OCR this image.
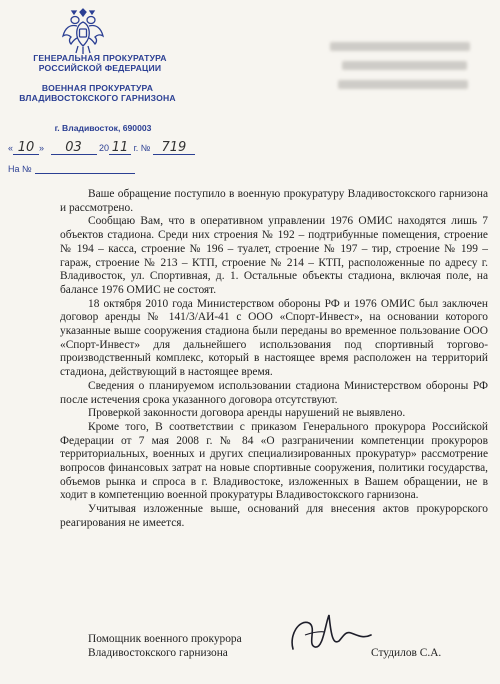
ГЕНЕРАЛЬНАЯ ПРОКУРАТУРА
РОССИЙСКОЙ ФЕДЕРАЦИИ
ВОЕННАЯ ПРОКУРАТУРА
ВЛАДИВОСТОКСКОГО ГАРНИЗОНА
г. Владивосток, 690003
« 10 » 03 20 11 г. № 719
На №

Ваше обращение поступило в военную прокуратуру Владивостокского гарнизона и рассмотрено.

Сообщаю Вам, что в оперативном управлении 1976 ОМИС находятся лишь 7 объектов стадиона. Среди них строения № 192 – подтрибунные помещения, строение № 194 – касса, строение № 196 – туалет, строение № 197 – тир, строение № 199 – гараж, строение № 213 – КТП, строение № 214 – КТП, расположенные по адресу г. Владивосток, ул. Спортивная, д. 1. Остальные объекты стадиона, включая поле, на балансе 1976 ОМИС не состоят.

18 октября 2010 года Министерством обороны РФ и 1976 ОМИС был заключен договор аренды № 141/3/АИ-41 с ООО «Спорт-Инвест», на основании которого указанные выше сооружения стадиона были переданы во временное пользование ООО «Спорт-Инвест» для дальнейшего использования под спортивный торгово-производственный комплекс, который в настоящее время расположен на территорий стадиона, действующий в настоящее время.

Сведения о планируемом использовании стадиона Министерством обороны РФ после истечения срока указанного договора отсутствуют.

Проверкой законности договора аренды нарушений не выявлено.

Кроме того, В соответствии с приказом Генерального прокурора Российской Федерации от 7 мая 2008 г. № 84 «О разграничении компетенции прокуроров территориальных, военных и других специализированных прокуратур» рассмотрение вопросов финансовых затрат на новые спортивные сооружения, политики государства, объемов рынка и спроса в г. Владивостоке, изложенных в Вашем обращении, не в ходит в компетенцию военной прокуратуры Владивостокского гарнизона.

Учитывая изложенные выше, оснований для внесения актов прокурорского реагирования не имеется.

Помощник военного прокурора
Владивостокского гарнизона	Студилов С.А.
